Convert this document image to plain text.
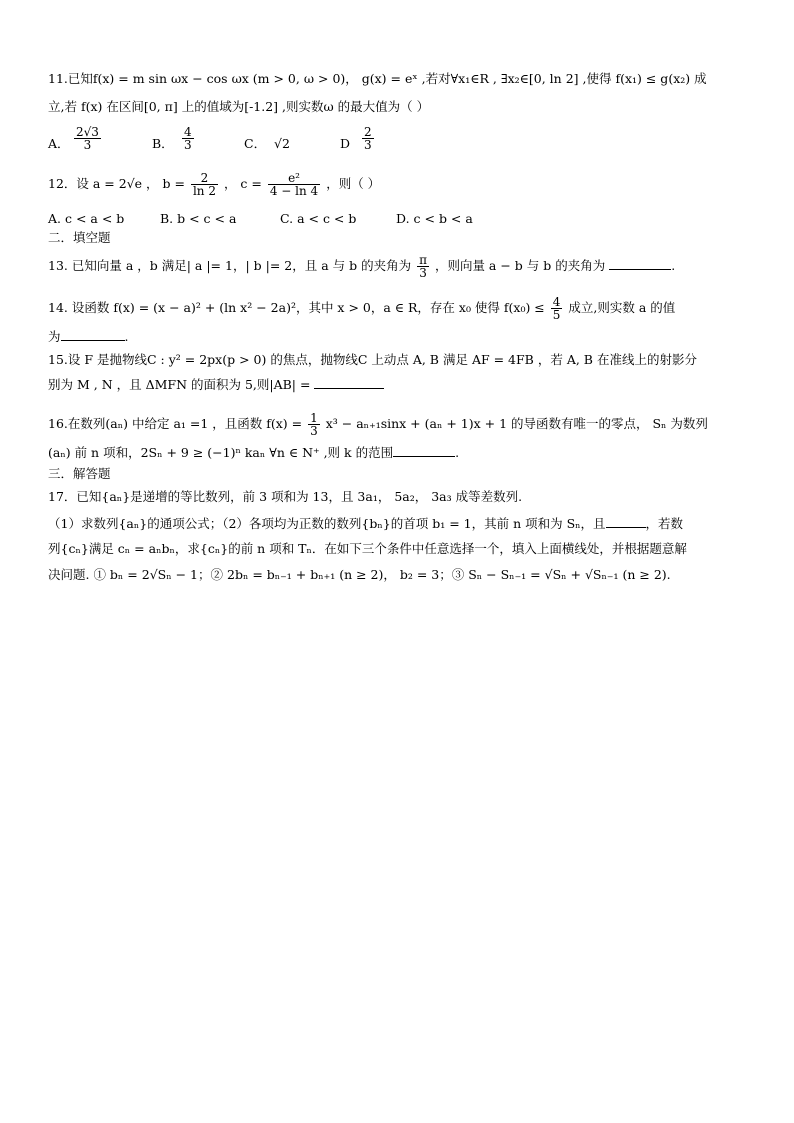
11.已知f(x) = m sin ωx − cos ωx (m > 0, ω > 0)， g(x) = eˣ ,若对∀x₁∈R , ∃x₂∈[0, ln 2] ,使得 f(x₁) ≤ g(x₂) 成
立,若 f(x) 在区间[0, π] 上的值域为[-1.2] ,则实数ω 的最大值为（ ）
A． $\frac{2√3}{3}$	B． $\frac{4}{3}$	C． √2	D $\frac{2}{3}$
12．设 a = 2√e ， $b = \frac{2}{\ln 2}$ ， $c = \frac{\text{e²}}{4 - \ln 4}$ ，则（ ）
A. c < a < b	B. b < c < a	C. a < c < b	D. c < b < a
二．填空题
13. 已知向量 a ，b 满足| a |= 1，| b |= 2，且 a 与 b 的夹角为 $\frac{\pi}{3}$ ，则向量 a − b 与 b 的夹角为	.
14. 设函数 f(x) = (x − a)² + (ln x² − 2a)²，其中 x > 0，a ∈ R，存在 x₀ 使得 $f(x_0) \le \frac{4}{5}$ 成立,则实数 a 的值
为	.
15.设 F 是抛物线C : y² = 2px(p > 0) 的焦点，抛物线C 上动点 A, B 满足 AF = 4FB ，若 A, B 在准线上的射影分
别为 M , N ，且 ΔMFN 的面积为 5,则|AB| =
16.在数列(aₙ) 中给定 a₁ =1 ，且函数 $f(x) = \frac{1}{3} x^3 - a_{n+1}\sin x + (a_n + 1)x + 1$ 的导函数有唯一的零点， Sₙ 为数列
(aₙ) 前 n 项和，2Sₙ + 9 ≥ (−1)ⁿ kaₙ ∀n ∈ N⁺ ,则 k 的范围	.
三．解答题
17．已知{aₙ}是递增的等比数列，前 3 项和为 13，且 3a₁， 5a₂， 3a₃ 成等差数列.
（1）求数列{aₙ}的通项公式；（2）各项均为正数的数列{bₙ}的首项 b₁ = 1，其前 n 项和为 Sₙ，且	，若数
列{cₙ}满足 cₙ = aₙbₙ，求{cₙ}的前 n 项和 Tₙ．在如下三个条件中任意选择一个，填入上面横线处，并根据题意解
决问题. ① bₙ = 2√Sₙ − 1；② 2bₙ = bₙ₋₁ + bₙ₊₁ (n ≥ 2)， b₂ = 3；③ Sₙ − Sₙ₋₁ = √Sₙ + √Sₙ₋₁ (n ≥ 2).
